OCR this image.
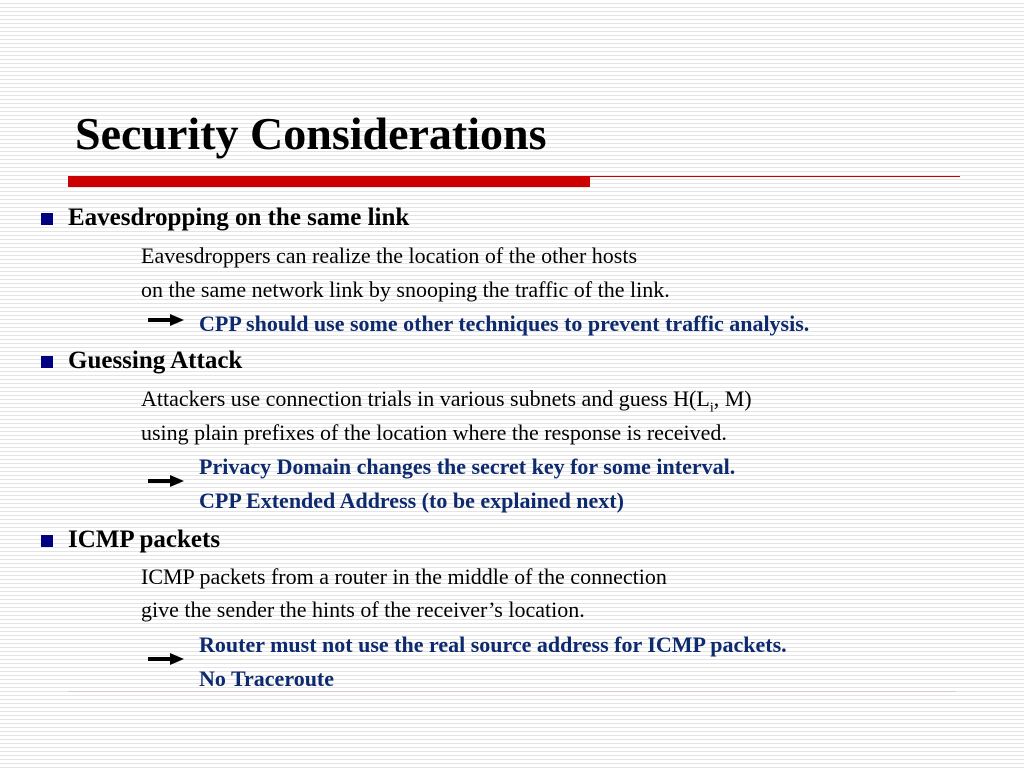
Security Considerations
Eavesdropping on the same link
Eavesdroppers can realize the location of the other hosts
on the same network link by snooping the traffic of the link.
CPP should use some other techniques to prevent traffic analysis.
Guessing Attack
Attackers use connection trials in various subnets and guess $H(L_i$, M)
using plain prefixes of the location where the response is received.
Privacy Domain changes the secret key for some interval.
CPP Extended Address (to be explained next)
ICMP packets
ICMP packets from a router in the middle of the connection
give the sender the hints of the receiver’s location.
Router must not use the real source address for ICMP packets.
No Traceroute
